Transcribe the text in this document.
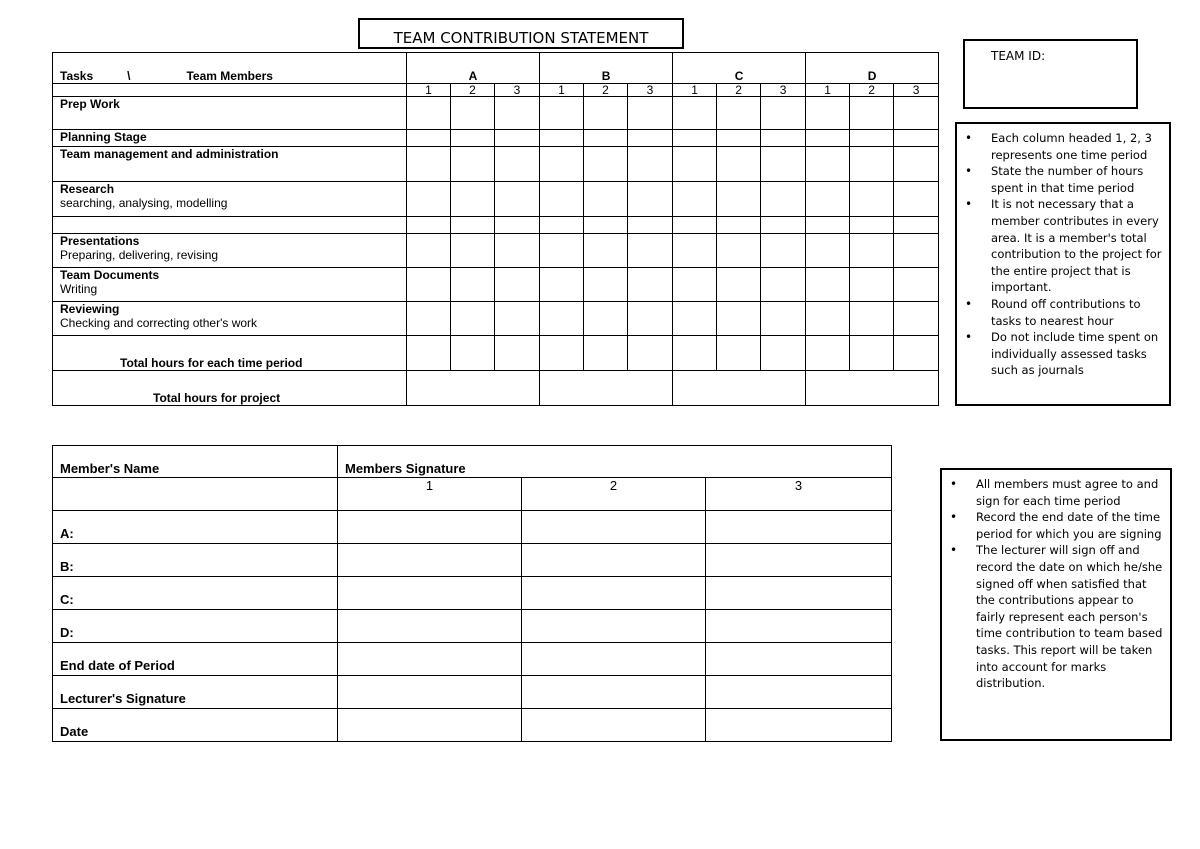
TEAM CONTRIBUTION STATEMENT
TEAM ID:
Tasks \ Team Members	A			B			C			D		
	1	2	3	1	2	3	1	2	3	1	2	3

Prep Work												

Planning Stage												

Team management and administration												

Research
searching, analysing, modelling												

Presentations
Preparing, delivering, revising												

Team Documents
Writing												

Reviewing
Checking and correcting other's work												

Total hours for each time period												
Total hours for project												
• Each column headed 1, 2, 3 represents one time period
• State the number of hours spent in that time period
• It is not necessary that a member contributes in every area. It is a member's total contribution to the project for the entire project that is important.
• Round off contributions to tasks to nearest hour
• Do not include time spent on individually assessed tasks such as journals
Member's Name	Members Signature		
	1	2	3
A:			
B:			
C:			
D:			
End date of Period			
Lecturer's Signature			
Date			
• All members must agree to and sign for each time period
• Record the end date of the time period for which you are signing
• The lecturer will sign off and record the date on which he/she signed off when satisfied that the contributions appear to fairly represent each person's time contribution to team based tasks. This report will be taken into account for marks distribution.
